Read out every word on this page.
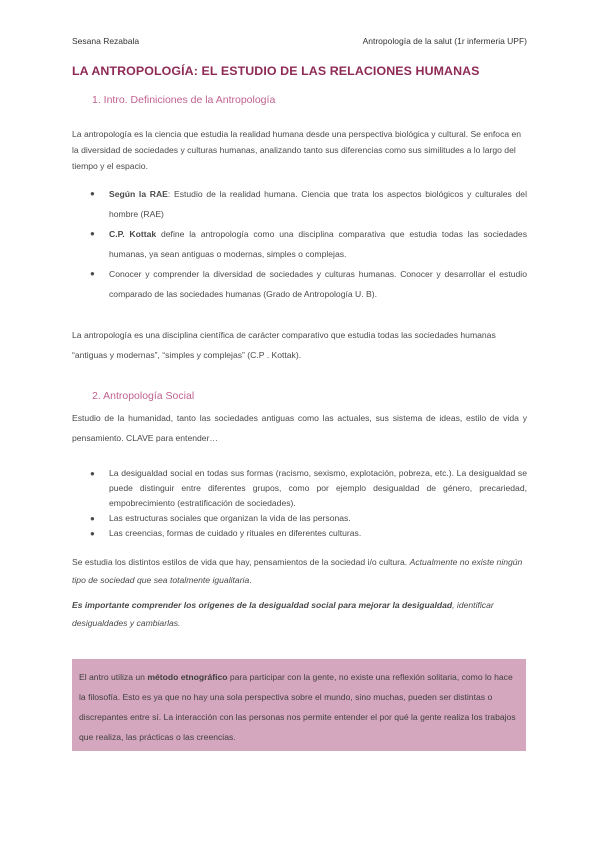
Sesana Rezabala	Antropología de la salut (1r infermeria UPF)
LA ANTROPOLOGÍA: EL ESTUDIO DE LAS RELACIONES HUMANAS
1. Intro. Definiciones de la Antropología
La antropología es la ciencia que estudia la realidad humana desde una perspectiva biológica y cultural. Se enfoca en la diversidad de sociedades y culturas humanas, analizando tanto sus diferencias como sus similitudes a lo largo del tiempo y el espacio.
● Según la RAE: Estudio de la realidad humana. Ciencia que trata los aspectos biológicos y culturales del hombre (RAE)
● C.P. Kottak define la antropología como una disciplina comparativa que estudia todas las sociedades humanas, ya sean antiguas o modernas, simples o complejas.
● Conocer y comprender la diversidad de sociedades y culturas humanas. Conocer y desarrollar el estudio comparado de las sociedades humanas (Grado de Antropología U. B).
La antropología es una disciplina científica de carácter comparativo que estudia todas las sociedades humanas “antiguas y modernas”, “simples y complejas” (C.P . Kottak).
2. Antropología Social
Estudio de la humanidad, tanto las sociedades antiguas como las actuales, sus sistema de ideas, estilo de vida y pensamiento. CLAVE para entender…
● La desigualdad social en todas sus formas (racismo, sexismo, explotación, pobreza, etc.). La desigualdad se puede distinguir entre diferentes grupos, como por ejemplo desigualdad de género, precariedad, empobrecimiento (estratificación de sociedades).
● Las estructuras sociales que organizan la vida de las personas.
● Las creencias, formas de cuidado y rituales en diferentes culturas.
Se estudia los distintos estilos de vida que hay, pensamientos de la sociedad i/o cultura. Actualmente no existe ningún tipo de sociedad que sea totalmente igualitaria.
Es importante comprender los orígenes de la desigualdad social para mejorar la desigualdad, identificar desigualdades y cambiarlas.
El antro utiliza un método etnográfico para participar con la gente, no existe una reflexión solitaria, como lo hace la filosofía. Esto es ya que no hay una sola perspectiva sobre el mundo, sino muchas, pueden ser distintas o discrepantes entre sí. La interacción con las personas nos permite entender el por qué la gente realiza los trabajos que realiza, las prácticas o las creencias.
